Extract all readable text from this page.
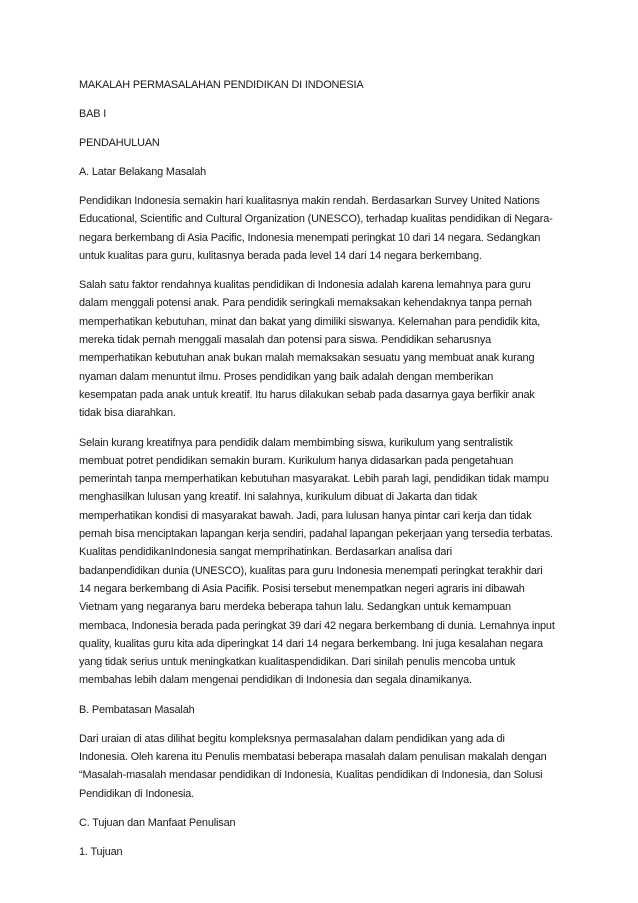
MAKALAH PERMASALAHAN PENDIDIKAN DI INDONESIA
BAB I
PENDAHULUAN
A. Latar Belakang Masalah
Pendidikan Indonesia semakin hari kualitasnya makin rendah. Berdasarkan Survey United Nations
Educational, Scientific and Cultural Organization (UNESCO), terhadap kualitas pendidikan di Negara-
negara berkembang di Asia Pacific, Indonesia menempati peringkat 10 dari 14 negara. Sedangkan
untuk kualitas para guru, kulitasnya berada pada level 14 dari 14 negara berkembang.
Salah satu faktor rendahnya kualitas pendidikan di Indonesia adalah karena lemahnya para guru
dalam menggali potensi anak. Para pendidik seringkali memaksakan kehendaknya tanpa pernah
memperhatikan kebutuhan, minat dan bakat yang dimiliki siswanya. Kelemahan para pendidik kita,
mereka tidak pernah menggali masalah dan potensi para siswa. Pendidikan seharusnya
memperhatikan kebutuhan anak bukan malah memaksakan sesuatu yang membuat anak kurang
nyaman dalam menuntut ilmu. Proses pendidikan yang baik adalah dengan memberikan
kesempatan pada anak untuk kreatif. Itu harus dilakukan sebab pada dasarnya gaya berfikir anak
tidak bisa diarahkan.
Selain kurang kreatifnya para pendidik dalam membimbing siswa, kurikulum yang sentralistik
membuat potret pendidikan semakin buram. Kurikulum hanya didasarkan pada pengetahuan
pemerintah tanpa memperhatikan kebutuhan masyarakat. Lebih parah lagi, pendidikan tidak mampu
menghasilkan lulusan yang kreatif. Ini salahnya, kurikulum dibuat di Jakarta dan tidak
memperhatikan kondisi di masyarakat bawah. Jadi, para lulusan hanya pintar cari kerja dan tidak
pernah bisa menciptakan lapangan kerja sendiri, padahal lapangan pekerjaan yang tersedia terbatas.
Kualitas pendidikanIndonesia sangat memprihatinkan. Berdasarkan analisa dari
badanpendidikan dunia (UNESCO), kualitas para guru Indonesia menempati peringkat terakhir dari
14 negara berkembang di Asia Pacifik. Posisi tersebut menempatkan negeri agraris ini dibawah
Vietnam yang negaranya baru merdeka beberapa tahun lalu. Sedangkan untuk kemampuan
membaca, Indonesia berada pada peringkat 39 dari 42 negara berkembang di dunia. Lemahnya input
quality, kualitas guru kita ada diperingkat 14 dari 14 negara berkembang. Ini juga kesalahan negara
yang tidak serius untuk meningkatkan kualitaspendidikan. Dari sinilah penulis mencoba untuk
membahas lebih dalam mengenai pendidikan di Indonesia dan segala dinamikanya.
B. Pembatasan Masalah
Dari uraian di atas dilihat begitu kompleksnya permasalahan dalam pendidikan yang ada di
Indonesia. Oleh karena itu Penulis membatasi beberapa masalah dalam penulisan makalah dengan
“Masalah-masalah mendasar pendidikan di Indonesia, Kualitas pendidikan di Indonesia, dan Solusi
Pendidikan di Indonesia.
C. Tujuan dan Manfaat Penulisan
1. Tujuan
